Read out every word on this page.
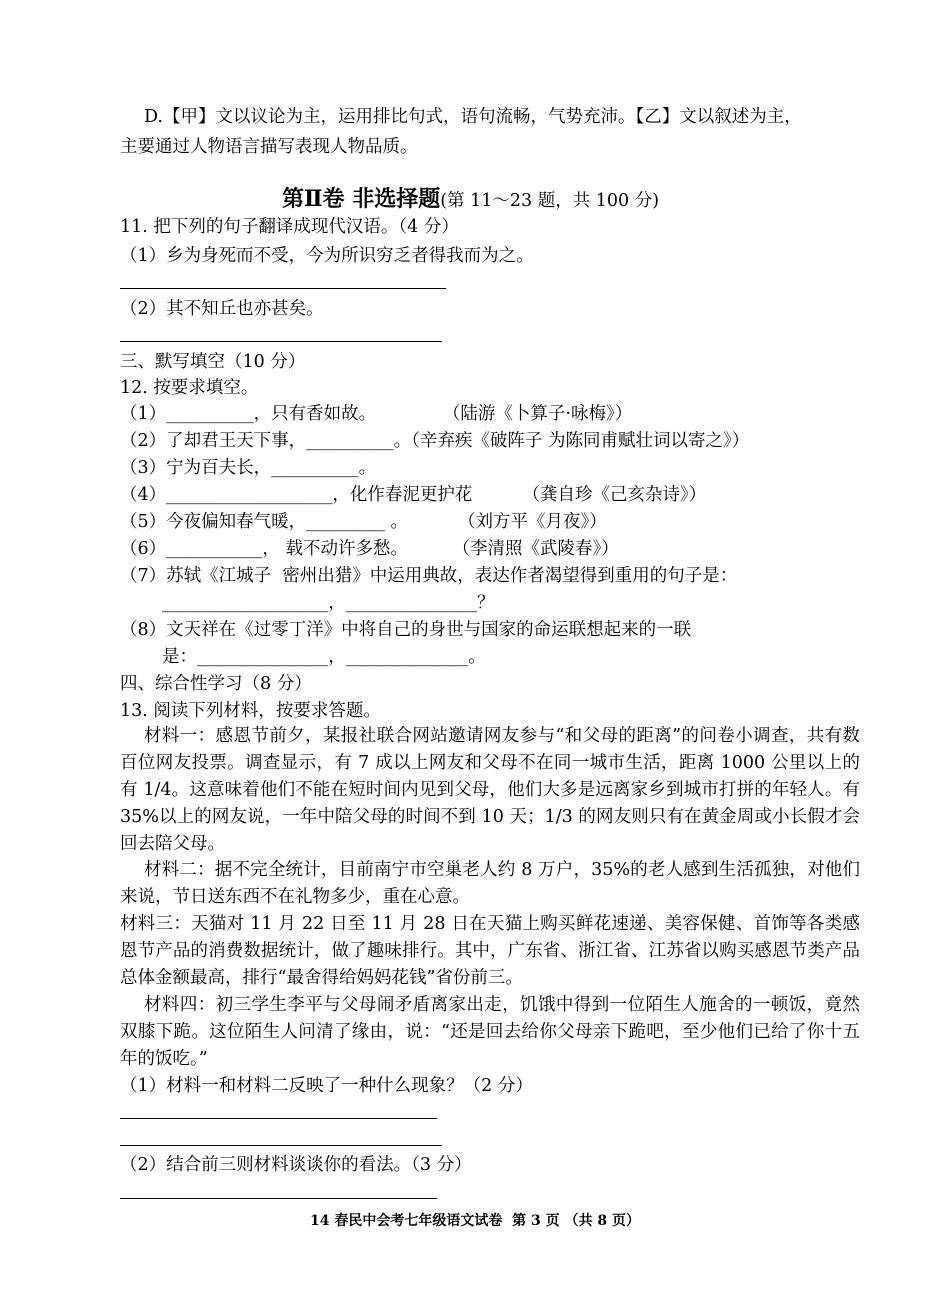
D.【甲】文以议论为主，运用排比句式，语句流畅，气势充沛。【乙】文以叙述为主，
主要通过人物语言描写表现人物品质。
第Ⅱ卷 非选择题(第 11～23 题，共 100 分)
11. 把下列的句子翻译成现代汉语。（4 分）
（1）乡为身死而不受，今为所识穷乏者得我而为之。
（2）其不知丘也亦甚矣。
三、默写填空（10 分）
12. 按要求填空。
（1）__________，只有香如故。            （陆游《卜算子·咏梅》）
（2）了却君王天下事，__________。（辛弃疾《破阵子 为陈同甫赋壮词以寄之》）
（3）宁为百夫长，__________。
（4）___________________，化作春泥更护花         （龚自珍《己亥杂诗》）
（5）今夜偏知春气暖，_________ 。         （刘方平《月夜》）
（6）___________， 载不动许多愁。        （李清照《武陵春》）
（7）苏轼《江城子  密州出猎》中运用典故，表达作者渴望得到重用的句子是：
___________________，_______________？
（8）文天祥在《过零丁洋》中将自己的身世与国家的命运联想起来的一联
是：_______________，______________。
四、综合性学习（8 分）
13. 阅读下列材料，按要求答题。
材料一：感恩节前夕，某报社联合网站邀请网友参与“和父母的距离”的问卷小调查，共有数百位网友投票。调查显示，有 7 成以上网友和父母不在同一城市生活，距离 1000 公里以上的有 1/4。这意味着他们不能在短时间内见到父母，他们大多是远离家乡到城市打拼的年轻人。有 35%以上的网友说，一年中陪父母的时间不到 10 天；1/3 的网友则只有在黄金周或小长假才会回去陪父母。
材料二：据不完全统计，目前南宁市空巢老人约 8 万户，35%的老人感到生活孤独，对他们来说，节日送东西不在礼物多少，重在心意。
材料三：天猫对 11 月 22 日至 11 月 28 日在天猫上购买鲜花速递、美容保健、首饰等各类感恩节产品的消费数据统计，做了趣味排行。其中，广东省、浙江省、江苏省以购买感恩节类产品总体金额最高，排行“最舍得给妈妈花钱”省份前三。
材料四：初三学生李平与父母闹矛盾离家出走，饥饿中得到一位陌生人施舍的一顿饭，竟然双膝下跪。这位陌生人问清了缘由，说：“还是回去给你父母亲下跪吧，至少他们已给了你十五年的饭吃。”
（1）材料一和材料二反映了一种什么现象？（2 分）
（2）结合前三则材料谈谈你的看法。（3 分）
14 春民中会考七年级语文试卷  第 3 页 （共 8 页）
